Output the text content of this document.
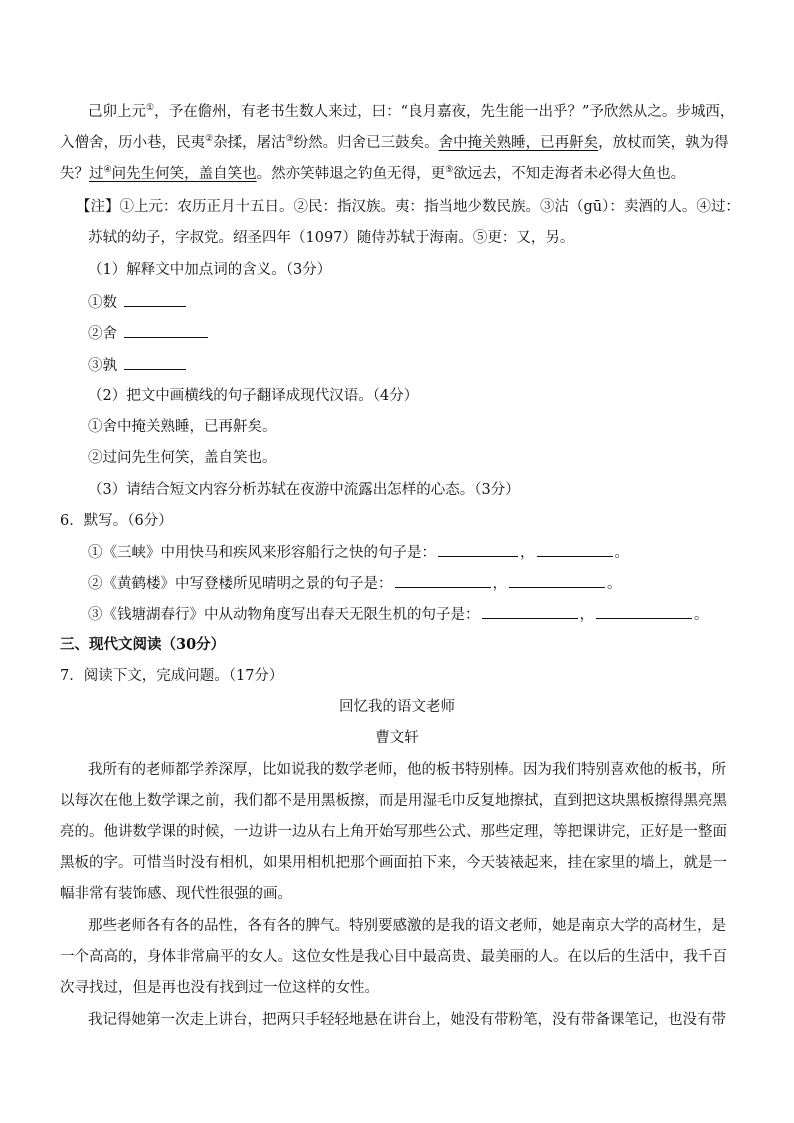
己卯上元①，予在儋州，有老书生数人来过，曰：“良月嘉夜，先生能一出乎？”予欣然从之。步城西，
入僧舍，历小巷，民夷②杂揉，屠沽③纷然。归舍已三鼓矣。舍中掩关熟睡，已再鼾矣，放杖而笑，孰为得
失？过④问先生何笑，盖自笑也。然亦笑韩退之钓鱼无得，更⑤欲远去，不知走海者未必得大鱼也。
【注】①上元：农历正月十五日。②民：指汉族。夷：指当地少数民族。③沽（gū）：卖酒的人。④过：
苏轼的幼子，字叔党。绍圣四年（1097）随侍苏轼于海南。⑤更：又，另。
（1）解释文中加点词的含义。（3分）
①数
②舍
③孰
（2）把文中画横线的句子翻译成现代汉语。（4分）
①舍中掩关熟睡，已再鼾矣。
②过问先生何笑，盖自笑也。
（3）请结合短文内容分析苏轼在夜游中流露出怎样的心态。（3分）
6．默写。（6分）
①《三峡》中用快马和疾风来形容船行之快的句子是：	，	。
②《黄鹤楼》中写登楼所见晴明之景的句子是：	，	。
③《钱塘湖春行》中从动物角度写出春天无限生机的句子是：	，	。
三、现代文阅读（30分）
7．阅读下文，完成问题。（17分）
回忆我的语文老师
曹文轩
我所有的老师都学养深厚，比如说我的数学老师，他的板书特别棒。因为我们特别喜欢他的板书，所
以每次在他上数学课之前，我们都不是用黑板擦，而是用湿毛巾反复地擦拭，直到把这块黑板擦得黑亮黑
亮的。他讲数学课的时候，一边讲一边从右上角开始写那些公式、那些定理，等把课讲完，正好是一整面
黑板的字。可惜当时没有相机，如果用相机把那个画面拍下来，今天装裱起来，挂在家里的墙上，就是一
幅非常有装饰感、现代性很强的画。
那些老师各有各的品性，各有各的脾气。特别要感激的是我的语文老师，她是南京大学的高材生，是
一个高高的，身体非常扁平的女人。这位女性是我心目中最高贵、最美丽的人。在以后的生活中，我千百
次寻找过，但是再也没有找到过一位这样的女性。
我记得她第一次走上讲台，把两只手轻轻地悬在讲台上，她没有带粉笔，没有带备课笔记，也没有带
